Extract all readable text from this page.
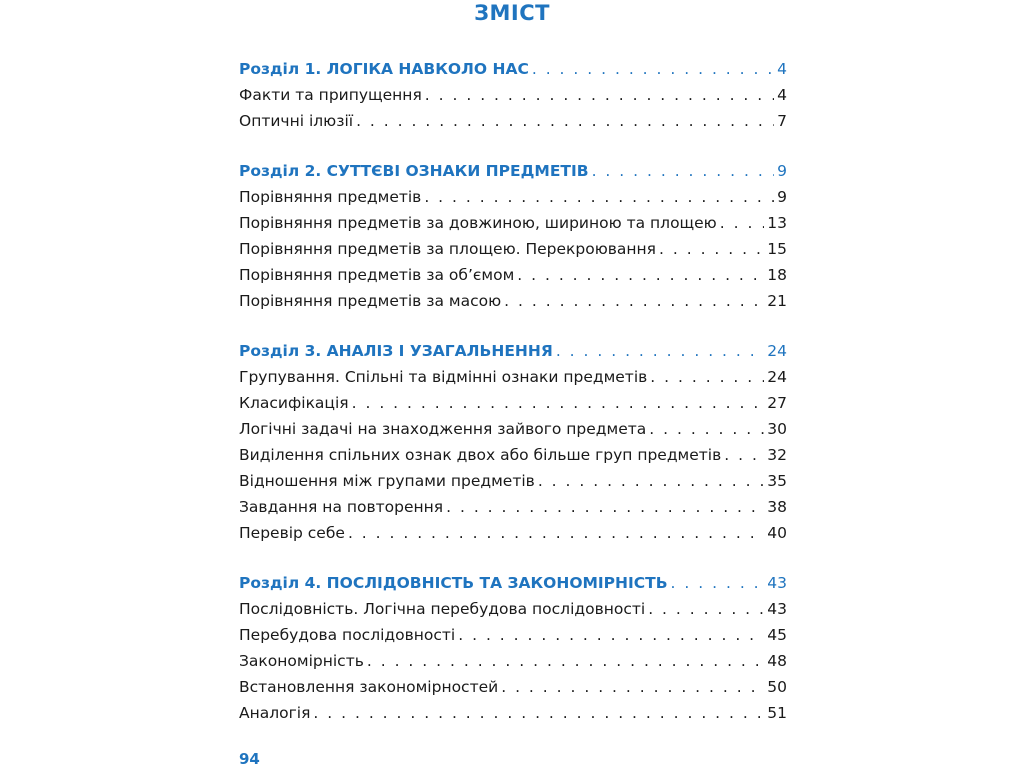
ЗМІСТ
Розділ 1. ЛОГІКА НАВКОЛО НАС . . .	4
Факти та припущення . . .	4
Оптичні ілюзії . . .	7
Розділ 2. СУТТЄВІ ОЗНАКИ ПРЕДМЕТІВ . . .	9
Порівняння предметів . . .	9
Порівняння предметів за довжиною, шириною та площею . . .	13
Порівняння предметів за площею. Перекроювання . . .	15
Порівняння предметів за об’ємом . . .	18
Порівняння предметів за масою . . .	21
Розділ 3. АНАЛІЗ І УЗАГАЛЬНЕННЯ . . .	24
Групування. Спільні та відмінні ознаки предметів . . .	24
Класифікація . . .	27
Логічні задачі на знаходження зайвого предмета . . .	30
Виділення спільних ознак двох або більше груп предметів . . .	32
Відношення між групами предметів . . .	35
Завдання на повторення . . .	38
Перевір себе . . .	40
Розділ 4. ПОСЛІДОВНІСТЬ ТА ЗАКОНОМІРНІСТЬ . . .	43
Послідовність. Логічна перебудова послідовності . . .	43
Перебудова послідовності . . .	45
Закономірність . . .	48
Встановлення закономірностей . . .	50
Аналогія . . .	51
94
